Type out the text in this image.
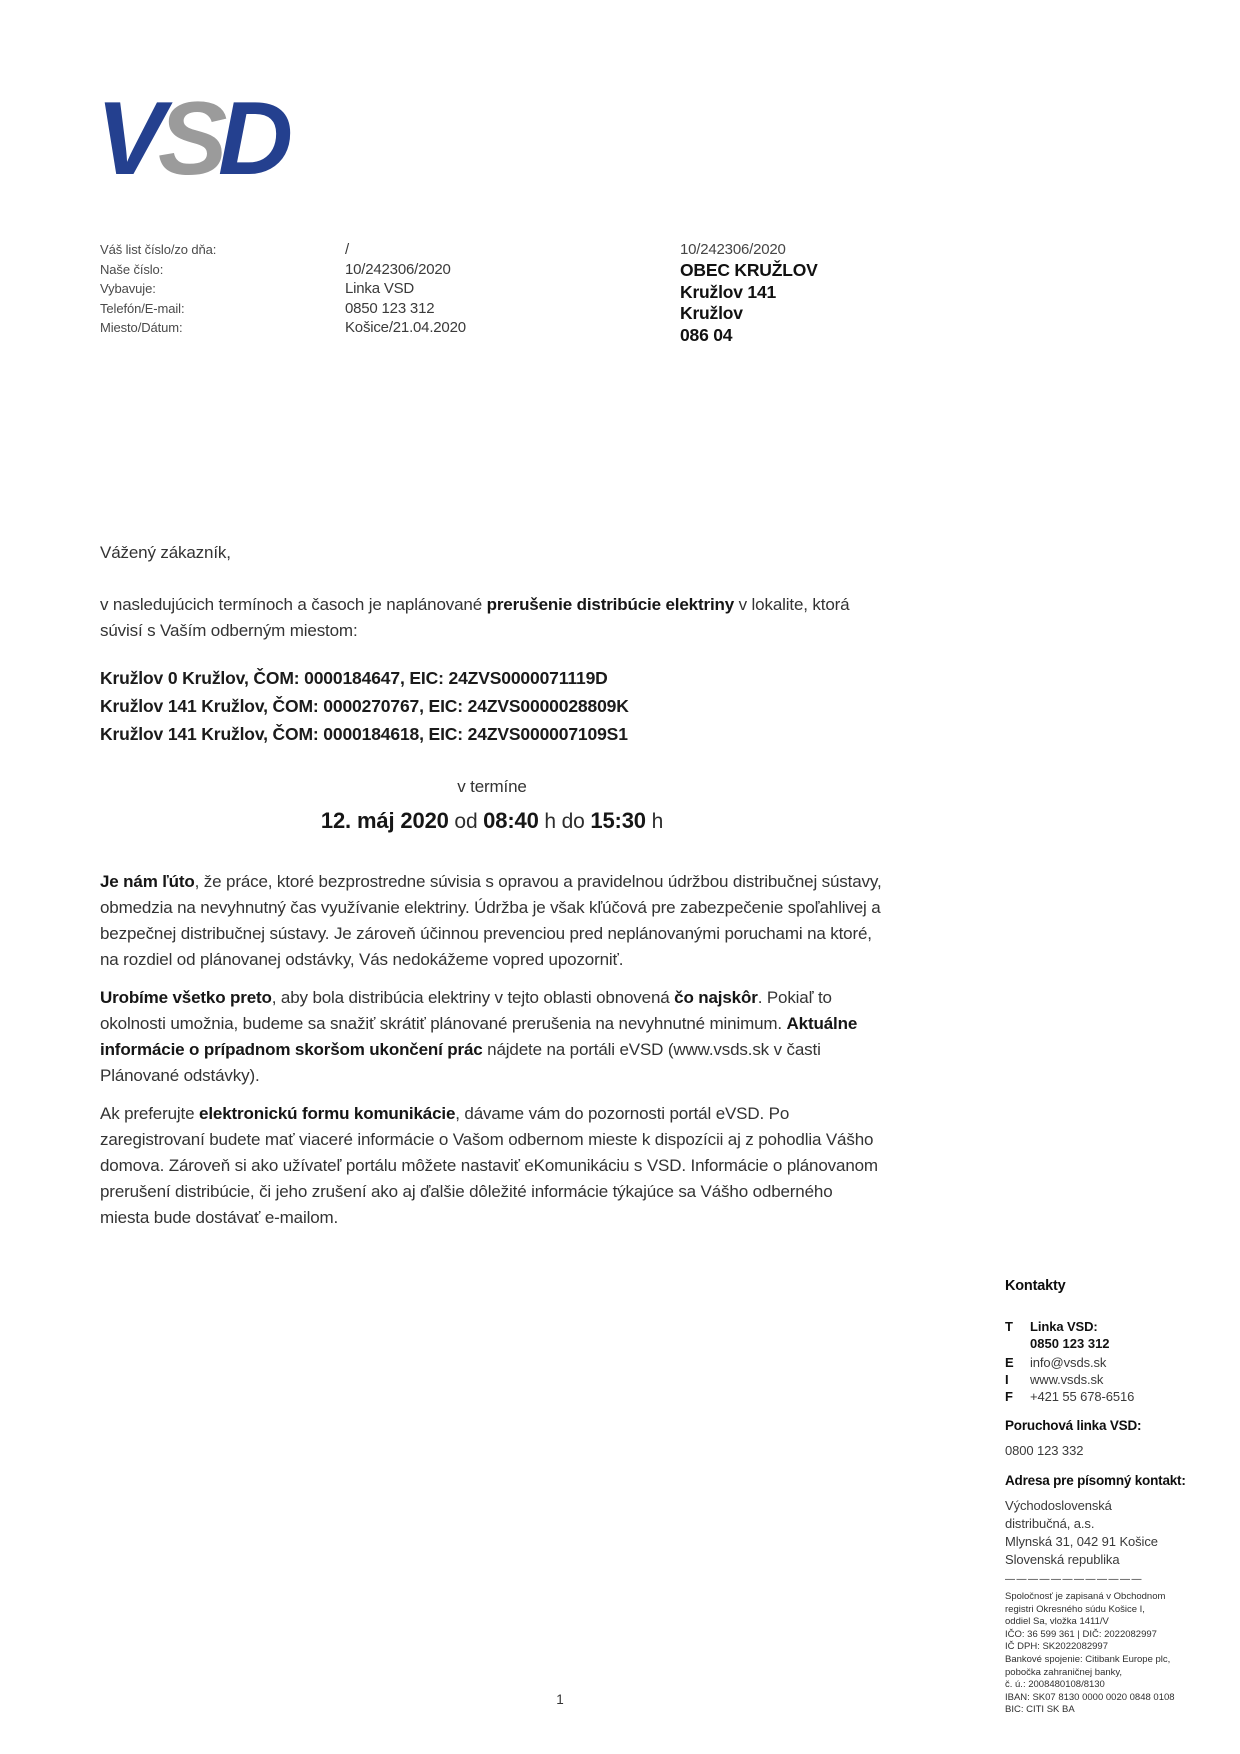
S
V D
Váš list číslo/zo dňa:	/
Naše číslo:	10/242306/2020
Vybavuje:	Linka VSD
Telefón/E-mail:	0850 123 312
Miesto/Dátum:	Košice/21.04.2020
10/242306/2020
OBEC KRUŽLOV
Kružlov 141
Kružlov
086 04
Vážený zákazník,
v nasledujúcich termínoch a časoch je naplánované prerušenie distribúcie elektriny v lokalite, ktorá súvisí s Vaším odberným miestom:
Kružlov 0 Kružlov, ČOM: 0000184647, EIC: 24ZVS0000071119D
Kružlov 141 Kružlov, ČOM: 0000270767, EIC: 24ZVS0000028809K
Kružlov 141 Kružlov, ČOM: 0000184618, EIC: 24ZVS000007109S1
v termíne
12. máj 2020 od 08:40 h do 15:30 h

Je nám ľúto, že práce, ktoré bezprostredne súvisia s opravou a pravidelnou údržbou distribučnej sústavy, obmedzia na nevyhnutný čas využívanie elektriny. Údržba je však kľúčová pre zabezpečenie spoľahlivej a bezpečnej distribučnej sústavy. Je zároveň účinnou prevenciou pred neplánovanými poruchami na ktoré, na rozdiel od plánovanej odstávky, Vás nedokážeme vopred upozorniť.

Urobíme všetko preto, aby bola distribúcia elektriny v tejto oblasti obnovená čo najskôr. Pokiaľ to okolnosti umožnia, budeme sa snažiť skrátiť plánované prerušenia na nevyhnutné minimum. Aktuálne informácie o prípadnom skoršom ukončení prác nájdete na portáli eVSD (www.vsds.sk v časti Plánované odstávky).

Ak preferujte elektronickú formu komunikácie, dávame vám do pozornosti portál eVSD. Po zaregistrovaní budete mať viaceré informácie o Vašom odbernom mieste k dispozícii aj z pohodlia Vášho domova. Zároveň si ako užívateľ portálu môžete nastaviť eKomunikáciu s VSD. Informácie o plánovanom prerušení distribúcie, či jeho zrušení ako aj ďalšie dôležité informácie týkajúce sa Vášho odberného miesta bude dostávať e-mailom.

Kontakty
T	Linka VSD:
0850 123 312
E	info@vsds.sk
I	www.vsds.sk
F	+421 55 678-6516
Poruchová linka VSD:
0800 123 332
Adresa pre písomný kontakt:
Východoslovenská
distribučná, a.s.
Mlynská 31, 042 91 Košice
Slovenská republika
————————————
Spoločnosť je zapisaná v Obchodnom
registri Okresného súdu Košice I,
oddiel Sa, vložka 1411/V
IČO: 36 599 361 | DIČ: 2022082997
IČ DPH: SK2022082997
Bankové spojenie: Citibank Europe plc,
pobočka zahraničnej banky,
č. ú.: 2008480108/8130
IBAN: SK07 8130 0000 0020 0848 0108
BIC: CITI SK BA
1
